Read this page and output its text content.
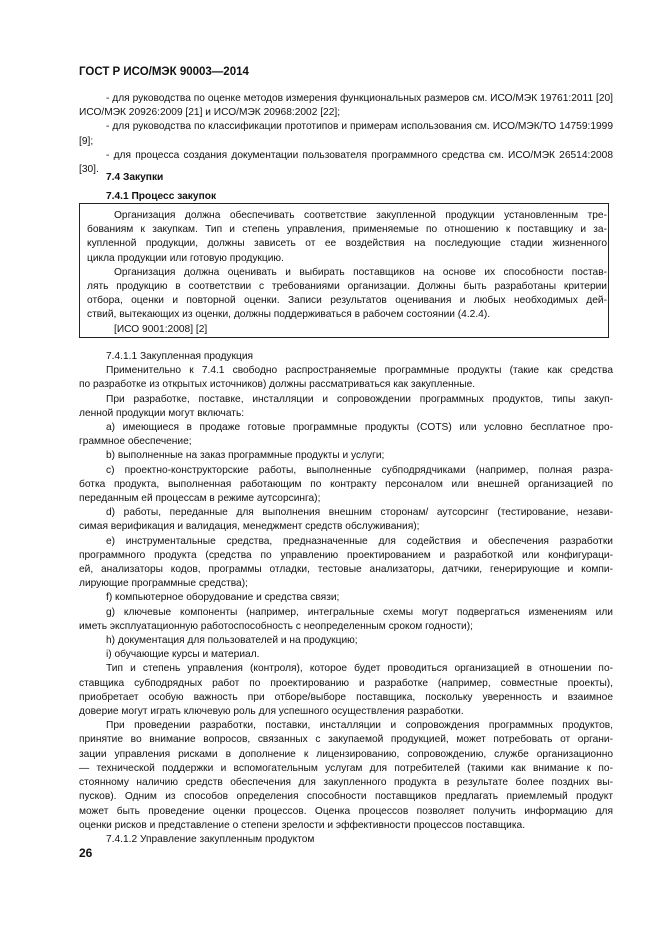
ГОСТ Р ИСО/МЭК 90003—2014
- для руководства по оценке методов измерения функциональных размеров см. ИСО/МЭК 19761:2011 [20]
ИСО/МЭК 20926:2009 [21] и ИСО/МЭК 20968:2002 [22];
- для руководства по классификации прототипов и примерам использования см. ИСО/МЭК/ТО 14759:1999
[9];
- для процесса создания документации пользователя программного средства см. ИСО/МЭК 26514:2008
[30].
7.4 Закупки
7.4.1 Процесс закупок
Организация должна обеспечивать соответствие закупленной продукции установленным тре-
бованиям к закупкам. Тип и степень управления, применяемые по отношению к поставщику и за-
купленной продукции, должны зависеть от ее воздействия на последующие стадии жизненного
цикла продукции или готовую продукцию.
Организация должна оценивать и выбирать поставщиков на основе их способности постав-
лять продукцию в соответствии с требованиями организации. Должны быть разработаны критерии
отбора, оценки и повторной оценки. Записи результатов оценивания и любых необходимых дей-
ствий, вытекающих из оценки, должны поддерживаться в рабочем состоянии (4.2.4).
[ИСО 9001:2008] [2]
7.4.1.1 Закупленная продукция
Применительно к 7.4.1 свободно распространяемые программные продукты (такие как средства
по разработке из открытых источников) должны рассматриваться как закупленные.
При разработке, поставке, инсталляции и сопровождении программных продуктов, типы закуп-
ленной продукции могут включать:
а) имеющиеся в продаже готовые программные продукты (COTS) или условно бесплатное про-
граммное обеспечение;
b) выполненные на заказ программные продукты и услуги;
c) проектно-конструкторские работы, выполненные субподрядчиками (например, полная разра-
ботка продукта, выполненная работающим по контракту персоналом или внешней организацией по
переданным ей процессам в режиме аутсорсинга);
d) работы, переданные для выполнения внешним сторонам/ аутсорсинг (тестирование, незави-
симая верификация и валидация, менеджмент средств обслуживания);
e) инструментальные средства, предназначенные для содействия и обеспечения разработки
программного продукта (средства по управлению проектированием и разработкой или конфигураци-
ей, анализаторы кодов, программы отладки, тестовые анализаторы, датчики, генерирующие и компи-
лирующие программные средства);
f) компьютерное оборудование и средства связи;
g) ключевые компоненты (например, интегральные схемы могут подвергаться изменениям или
иметь эксплуатационную работоспособность с неопределенным сроком годности);
h) документация для пользователей и на продукцию;
i) обучающие курсы и материал.
Тип и степень управления (контроля), которое будет проводиться организацией в отношении по-
ставщика субподрядных работ по проектированию и разработке (например, совместные проекты),
приобретает особую важность при отборе/выборе поставщика, поскольку уверенность и взаимное
доверие могут играть ключевую роль для успешного осуществления разработки.
При проведении разработки, поставки, инсталляции и сопровождения программных продуктов,
принятие во внимание вопросов, связанных с закупаемой продукцией, может потребовать от органи-
зации управления рисками в дополнение к лицензированию, сопровождению, службе организационно
— технической поддержки и вспомогательным услугам для потребителей (такими как внимание к по-
стоянному наличию средств обеспечения для закупленного продукта в результате более поздних вы-
пусков). Одним из способов определения способности поставщиков предлагать приемлемый продукт
может быть проведение оценки процессов. Оценка процессов позволяет получить информацию для
оценки рисков и представление о степени зрелости и эффективности процессов поставщика.
7.4.1.2 Управление закупленным продуктом
26
